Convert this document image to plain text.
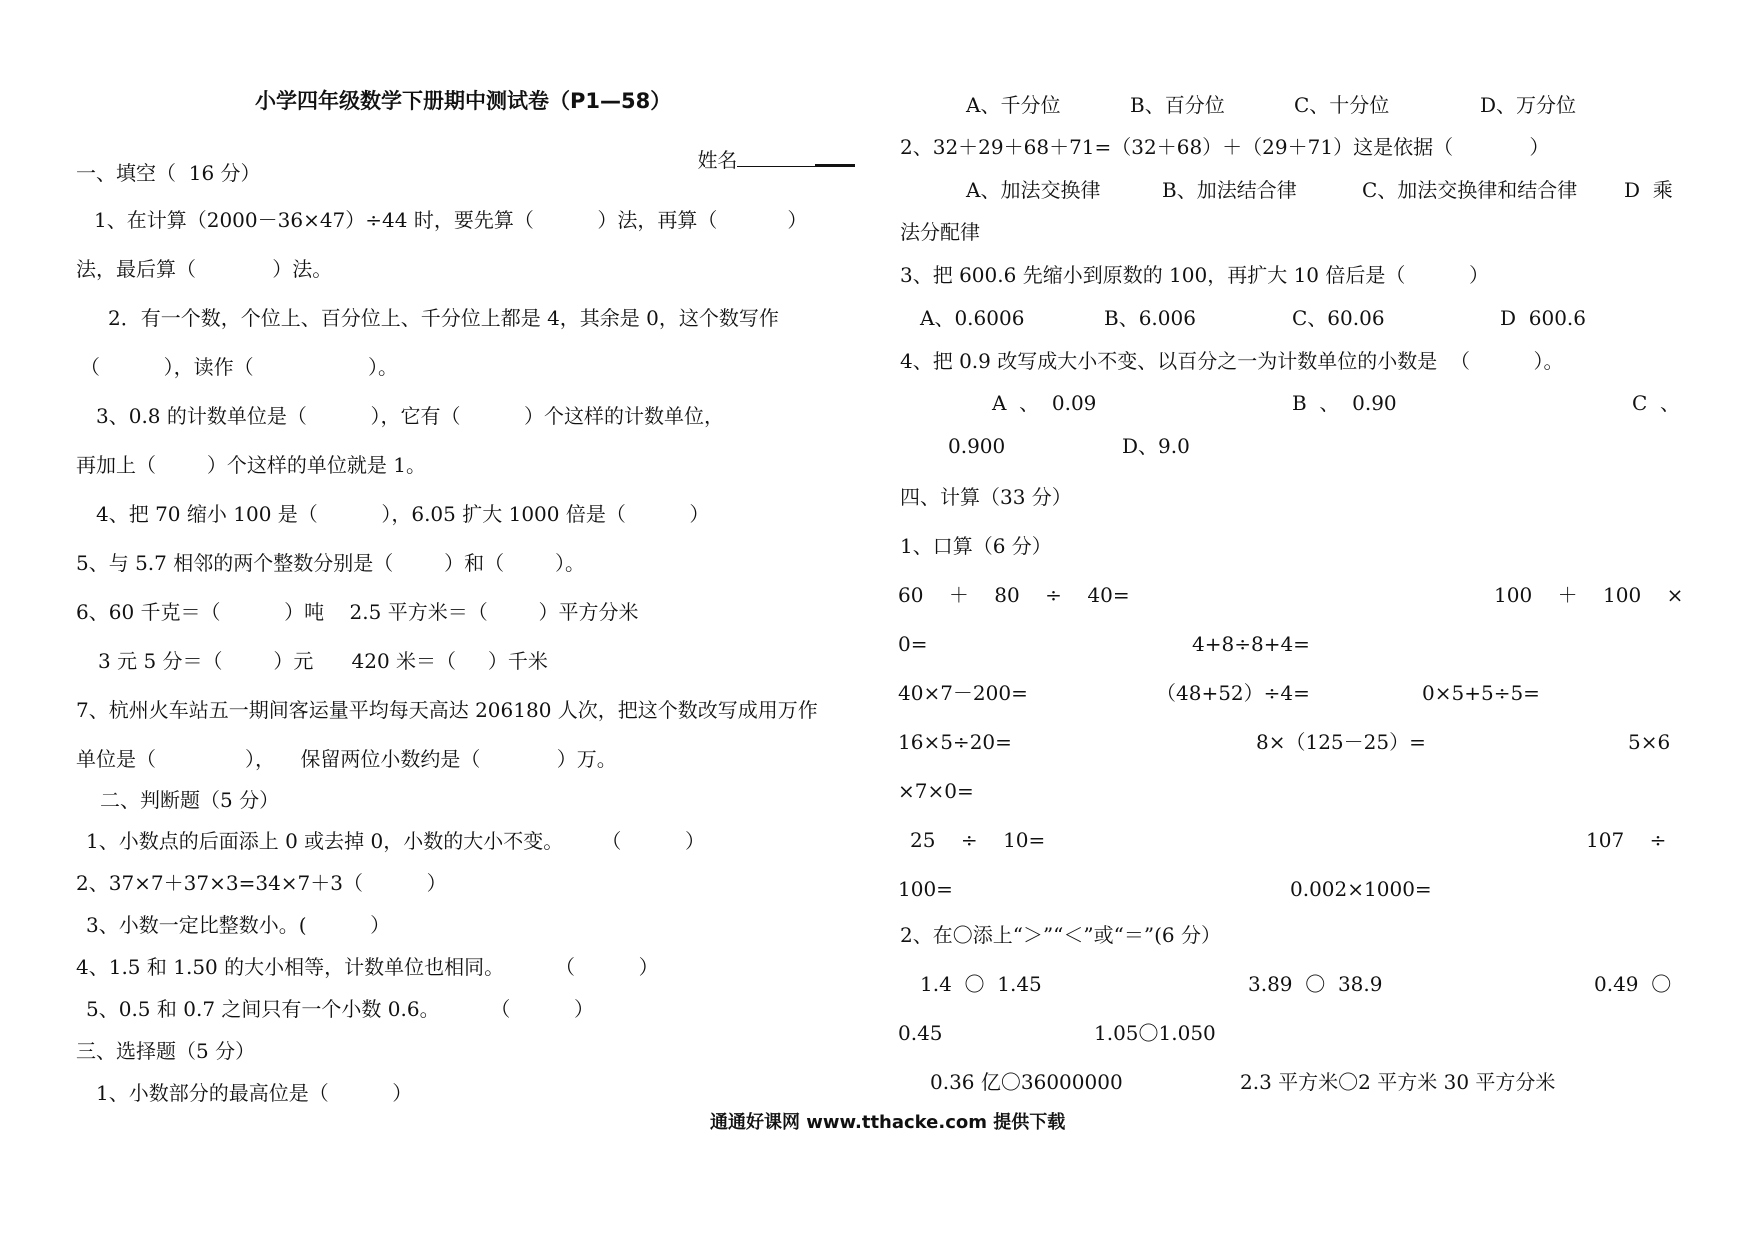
小学四年级数学下册期中测试卷（P1—58）

姓名

一、填空（  16 分）
1、在计算（2000－36×47）÷44 时，要先算（          ）法，再算（           ）
法，最后算（            ）法。
2．有一个数，个位上、百分位上、千分位上都是 4，其余是 0，这个数写作
（          ），读作（                  ）。
3、0.8 的计数单位是（          ），它有（          ）个这样的计数单位，
再加上（        ）个这样的单位就是 1。
4、把 70 缩小 100 是（          ），6.05 扩大 1000 倍是（          ）
5、与 5.7 相邻的两个整数分别是（        ）和（        ）。
6、60 千克＝（          ）吨    2.5 平方米＝（        ）平方分米
3 元 5 分＝（        ）元      420 米＝（     ）千米
7、杭州火车站五一期间客运量平均每天高达 206180 人次，把这个数改写成用万作
单位是（              ），    保留两位小数约是（            ）万。
二、判断题（5 分）
1、小数点的后面添上 0 或去掉 0，小数的大小不变。      （          ）
2、37×7＋37×3=34×7＋3（          ）
3、小数一定比整数小。(          ）
4、1.5 和 1.50 的大小相等，计数单位也相同。        （          ）
5、0.5 和 0.7 之间只有一个小数 0.6。        （          ）
三、选择题（5 分）
1、小数部分的最高位是（          ）
A、千分位	B、百分位	C、十分位	D、万分位
2、32＋29＋68＋71=（32＋68）＋（29＋71）这是依据（            ）
A、加法交换律	B、加法结合律	C、加法交换律和结合律 D  乘
法分配律
3、把 600.6 先缩小到原数的 100，再扩大 10 倍后是（          ）
A、0.6006	B、6.006	C、60.06	D  600.6
4、把 0.9 改写成大小不变、以百分之一为计数单位的小数是  （          ）。
A  、  0.09	B  、  0.90	C  、
0.900	D、9.0
四、计算（33 分）
1、口算（6 分）
60    ＋    80    ÷    40=	100    ＋    100    ×
0=	4+8÷8+4=
40×7－200=	（48+52）÷4=	0×5+5÷5=
16×5÷20=	8×（125－25）=	5×6
×7×0=
25    ÷    10=	107    ÷
100=	0.002×1000=
2、在〇添上“＞”“＜”或“＝”(6 分）
1.4  〇  1.45	3.89  〇  38.9	0.49  〇
0.45	1.05〇1.050
0.36 亿〇36000000	2.3 平方米〇2 平方米 30 平方分米
通通好课网 www.tthacke.com 提供下载
